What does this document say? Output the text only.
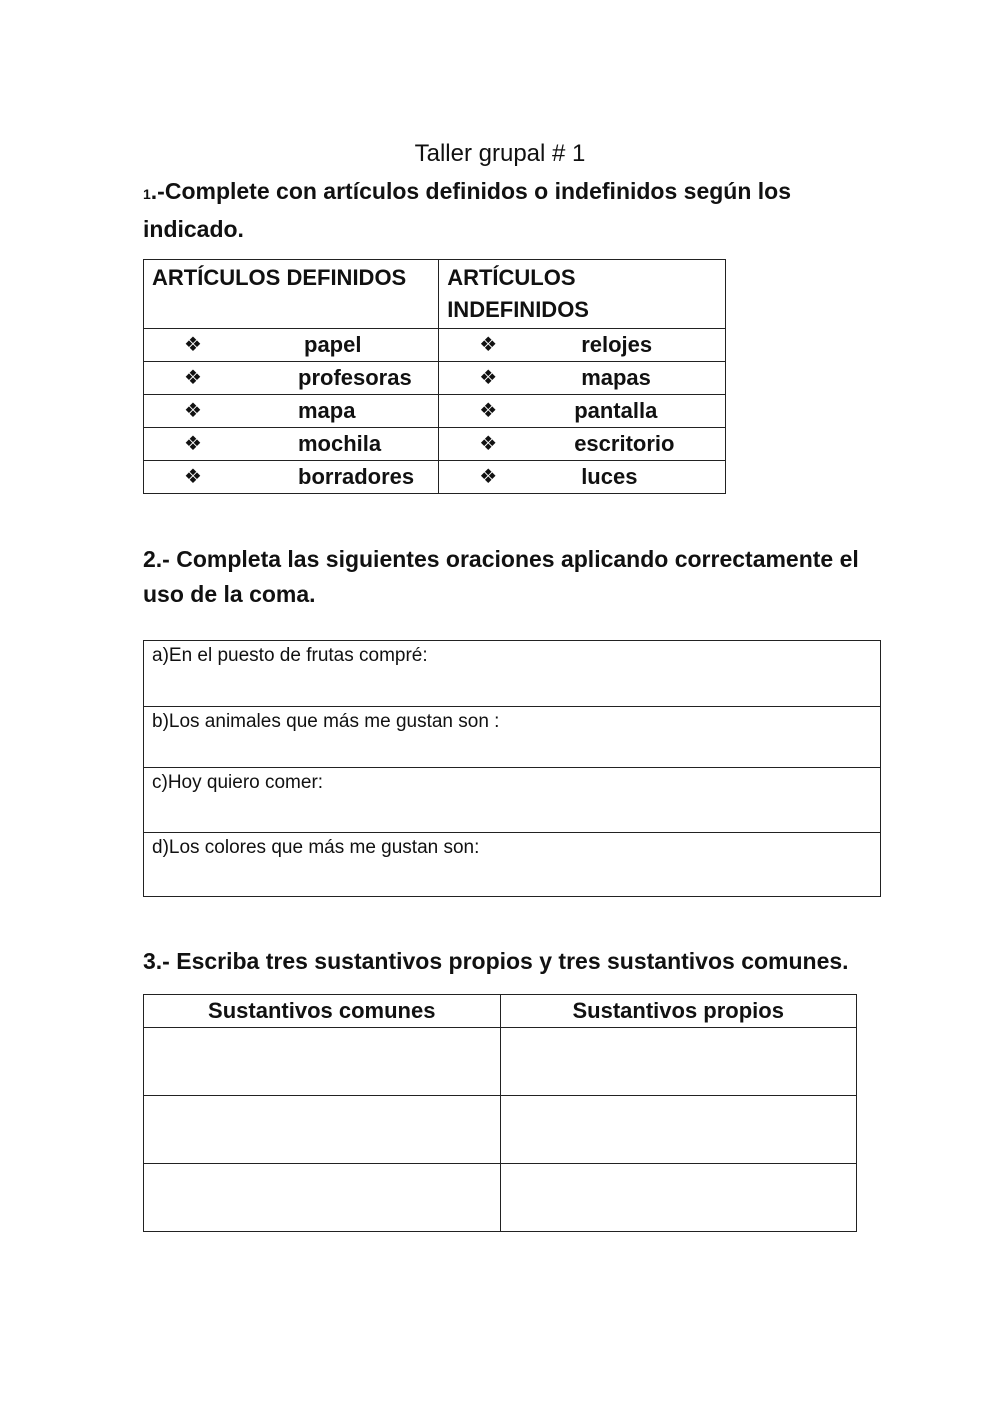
Taller grupal # 1
1.-Complete con artículos definidos o indefinidos según los
indicado.
ARTÍCULOS DEFINIDOS	ARTÍCULOS INDEFINIDOS

❖ papel	❖ relojes

❖ profesoras	❖ mapas

❖ mapa	❖ pantalla

❖ mochila	❖ escritorio

❖ borradores	❖ luces
2.- Completa las siguientes oraciones aplicando correctamente el uso de la coma.
a)En el puesto de frutas compré:
b)Los animales que más me gustan son :
c)Hoy quiero comer:
d)Los colores que más me gustan son:
3.- Escriba tres sustantivos propios y tres sustantivos comunes.
Sustantivos comunes	Sustantivos propios
